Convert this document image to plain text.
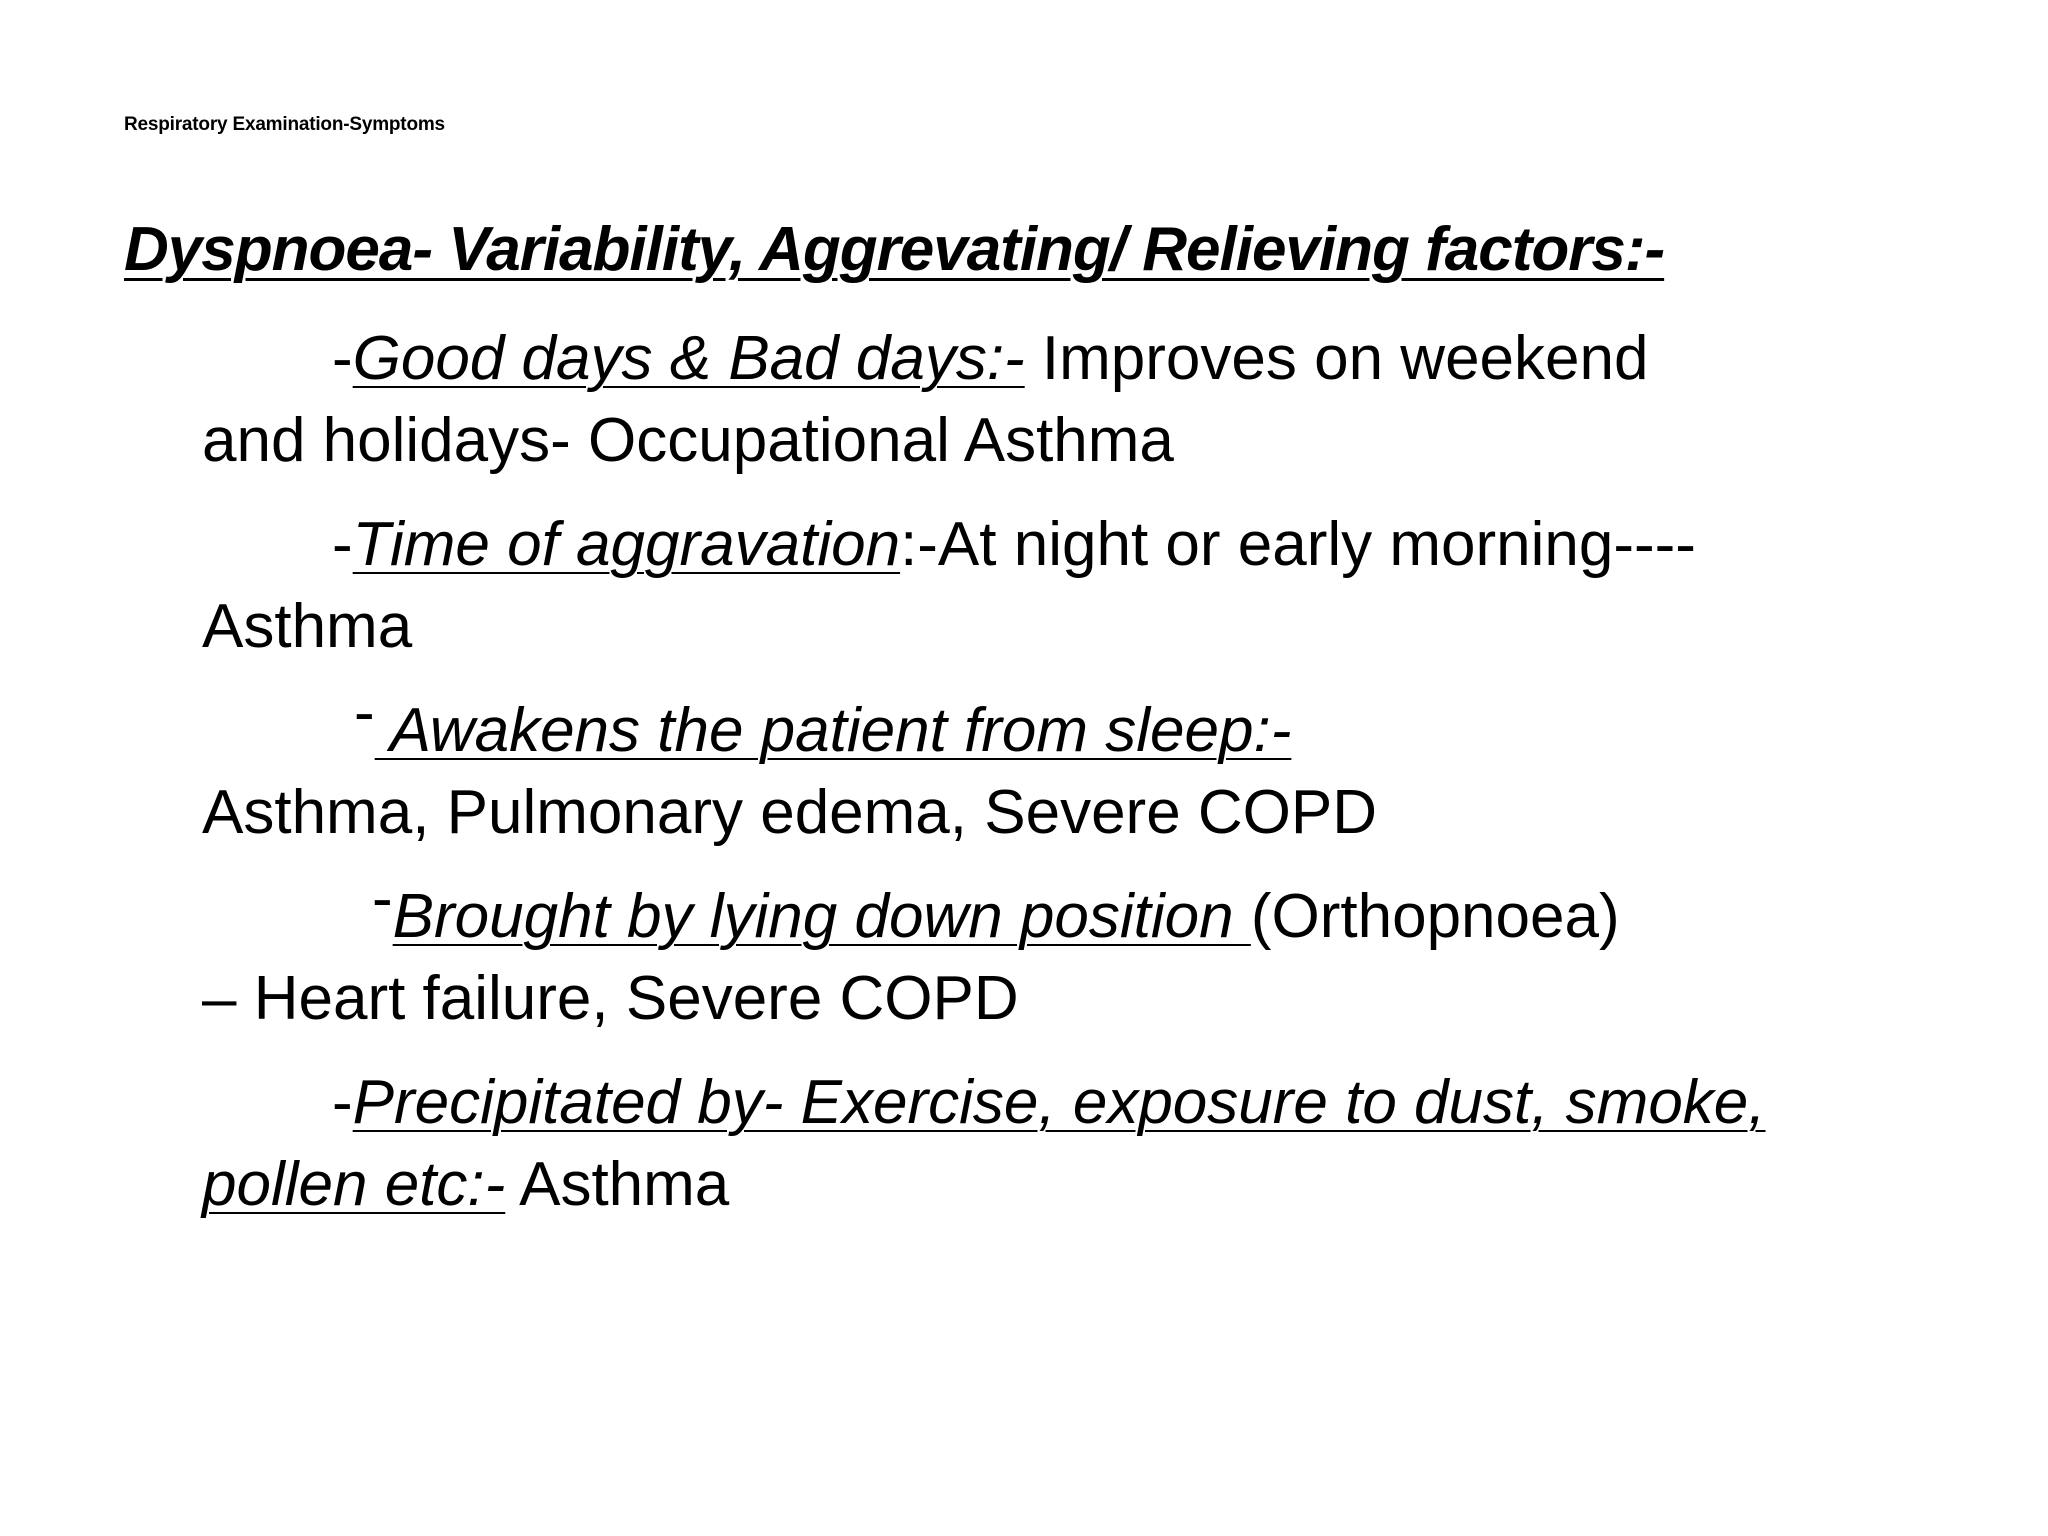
Respiratory Examination-Symptoms
Dyspnoea- Variability, Aggrevating/ Relieving factors:-
-Good days & Bad days:- Improves on weekend
and holidays- Occupational Asthma
-Time of aggravation:-At night or early morning----
Asthma
- Awakens the patient from sleep:-
Asthma, Pulmonary edema, Severe COPD
-Brought by lying down position (Orthopnoea)
– Heart failure, Severe COPD
-Precipitated by- Exercise, exposure to dust, smoke,
pollen etc:- Asthma
